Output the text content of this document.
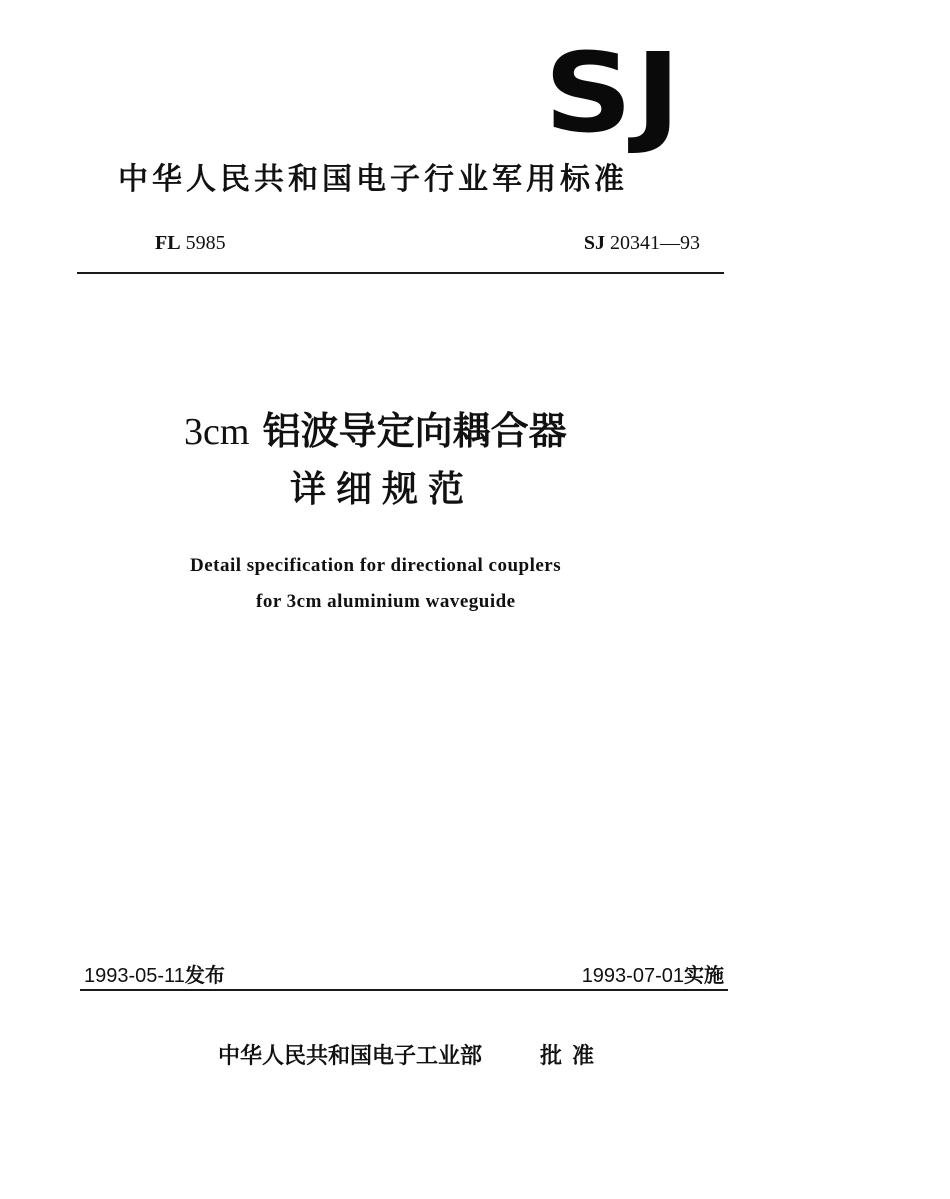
SJ
中华人民共和国电子行业军用标准
FL 5985	SJ 20341—93
3cm 铝波导定向耦合器
详细规范
Detail specification for directional couplers
for 3cm aluminium waveguide
1993-05-11发布	1993-07-01实施
中华人民共和国电子工业部	批准
